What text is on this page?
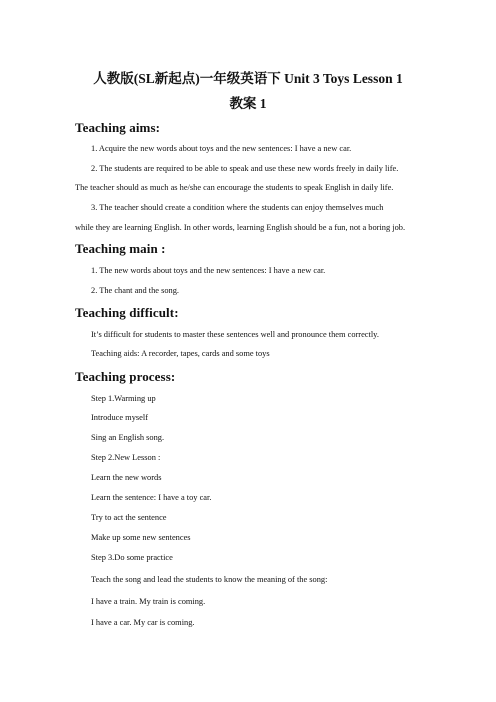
人教版(SL新起点)一年级英语下 Unit 3 Toys Lesson 1
教案 1
Teaching aims:
1. Acquire the new words about toys and the new sentences: I have a new car.
2. The students are required to be able to speak and use these new words freely in daily life.
The teacher should as much as he/she can encourage the students to speak English in daily life.
3. The teacher should create a condition where the students can enjoy themselves much
while they are learning English. In other words, learning English should be a fun, not a boring job.
Teaching main :
1. The new words about toys and the new sentences: I have a new car.
2. The chant and the song.
Teaching difficult:
It’s difficult for students to master these sentences well and pronounce them correctly.
Teaching aids: A recorder, tapes, cards and some toys
Teaching process:
Step 1.Warming up
Introduce myself
Sing an English song.
Step 2.New Lesson :
Learn the new words
Learn the sentence: I have a toy car.
Try to act the sentence
Make up some new sentences
Step 3.Do some practice
Teach the song and lead the students to know the meaning of the song:
I have a train. My train is coming.
I have a car. My car is coming.
